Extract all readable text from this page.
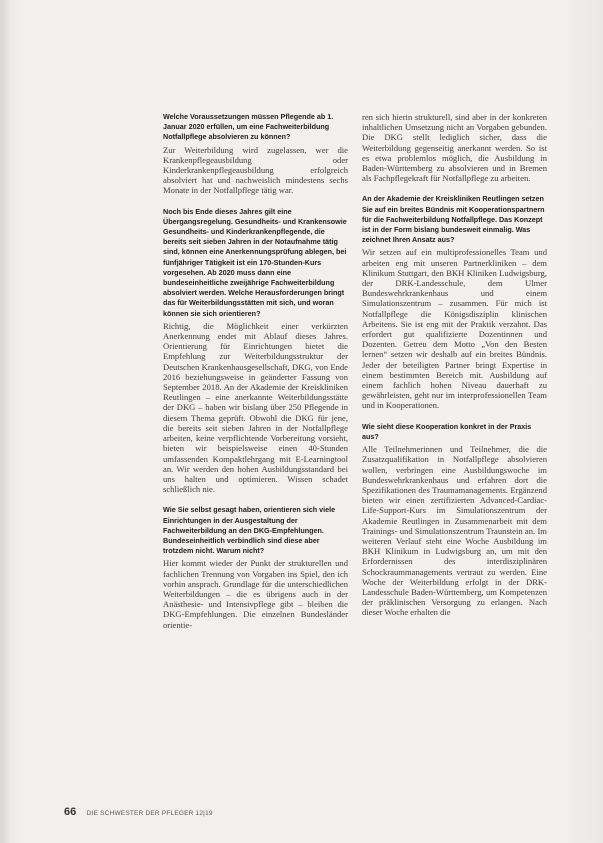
Welche Voraussetzungen müssen Pflegende ab 1. Januar 2020 erfüllen, um eine Fachweiterbildung Notfallpflege absolvieren zu können?

Zur Weiterbildung wird zugelassen, wer die Krankenpflegeausbildung oder Kinderkrankenpflegeausbildung erfolgreich absolviert hat und nachweislich mindestens sechs Monate in der Notfallpflege tätig war.

Noch bis Ende dieses Jahres gilt eine Übergangsregelung. Gesundheits- und Krankensowie Gesundheits- und Kinderkrankenpflegende, die bereits seit sieben Jahren in der Notaufnahme tätig sind, können eine Anerkennungsprüfung ablegen, bei fünfjähriger Tätigkeit ist ein 170-Stunden-Kurs vorgesehen. Ab 2020 muss dann eine bundeseinheitliche zweijährige Fachweiterbildung absolviert werden. Welche Herausforderungen bringt das für Weiterbildungsstätten mit sich, und woran können sie sich orientieren?

Richtig, die Möglichkeit einer verkürzten Anerkennung endet mit Ablauf dieses Jahres. Orientierung für Einrichtungen bietet die Empfehlung zur Weiterbildungsstruktur der Deutschen Krankenhausgesellschaft, DKG, von Ende 2016 beziehungsweise in geänderter Fassung von September 2018. An der Akademie der Kreiskliniken Reutlingen – eine anerkannte Weiterbildungsstätte der DKG – haben wir bislang über 250 Pflegende in diesem Thema geprüft. Obwohl die DKG für jene, die bereits seit sieben Jahren in der Notfallpflege arbeiten, keine verpflichtende Vorbereitung vorsieht, bieten wir beispielsweise einen 40-Stunden umfassenden Kompaktlehrgang mit E-Learningtool an. Wir werden den hohen Ausbildungsstandard bei uns halten und optimieren. Wissen schadet schließlich nie.

Wie Sie selbst gesagt haben, orientieren sich viele Einrichtungen in der Ausgestaltung der Fachweiterbildung an den DKG-Empfehlungen. Bundeseinheitlich verbindlich sind diese aber trotzdem nicht. Warum nicht?

Hier kommt wieder der Punkt der strukturellen und fachlichen Trennung von Vorgaben ins Spiel, den ich vorhin ansprach. Grundlage für die unterschiedlichen Weiterbildungen – die es übrigens auch in der Anästhesie- und Intensivpflege gibt – bleiben die DKG-Empfehlungen. Die einzelnen Bundesländer orientie-

ren sich hierin strukturell, sind aber in der konkreten inhaltlichen Umsetzung nicht an Vorgaben gebunden. Die DKG stellt lediglich sicher, dass die Weiterbildung gegenseitig anerkannt werden. So ist es etwa problemlos möglich, die Ausbildung in Baden-Württemberg zu absolvieren und in Bremen als Fachpflegekraft für Notfallpflege zu arbeiten.

An der Akademie der Kreiskliniken Reutlingen setzen Sie auf ein breites Bündnis mit Kooperationspartnern für die Fachweiterbildung Notfallpflege. Das Konzept ist in der Form bislang bundesweit einmalig. Was zeichnet Ihren Ansatz aus?

Wir setzen auf ein multiprofessionelles Team und arbeiten eng mit unseren Partnerkliniken – dem Klinikum Stuttgart, den BKH Kliniken Ludwigsburg, der DRK-Landesschule, dem Ulmer Bundeswehrkrankenhaus und einem Simulationszentrum – zusammen. Für mich ist Notfallpflege die Königsdisziplin klinischen Arbeitens. Sie ist eng mit der Praktik verzahnt. Das erfordert gut qualifizierte Dozentinnen und Dozenten. Getreu dem Motto „Von den Besten lernen“ setzen wir deshalb auf ein breites Bündnis. Jeder der beteiligten Partner bringt Expertise in einem bestimmten Bereich mit. Ausbildung auf einem fachlich hohen Niveau dauerhaft zu gewährleisten, geht nur im interprofessionellen Team und in Kooperationen.

Wie sieht diese Kooperation konkret in der Praxis aus?

Alle Teilnehmerinnen und Teilnehmer, die die Zusatzqualifikation in Notfallpflege absolvieren wollen, verbringen eine Ausbildungswoche im Bundeswehrkrankenhaus und erfahren dort die Spezifikationen des Traumamanagements. Ergänzend bieten wir einen zertifizierten Advanced-Cardiac-Life-Support-Kurs im Simulationszentrum der Akademie Reutlingen in Zusammenarbeit mit dem Trainings- und Simulationszentrum Traunstein an. Im weiteren Verlauf steht eine Woche Ausbildung im BKH Klinikum in Ludwigsburg an, um mit den Erfordernissen des interdisziplinären Schockraummanagements vertraut zu werden. Eine Woche der Weiterbildung erfolgt in der DRK-Landesschule Baden-Württemberg, um Kompetenzen der präklinischen Versorgung zu erlangen. Nach dieser Woche erhalten die

66 DIE SCHWESTER DER PFLEGER 12|19
